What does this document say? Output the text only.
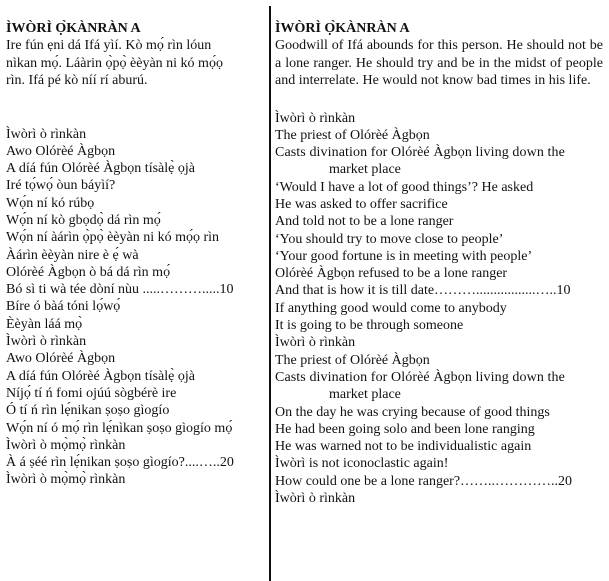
ÌWÒRÌ Ọ̀KÀNRÀN A

Ire fún ẹni dá Ifá yìí. Kò mọ́ rìn lóun
nìkan mọ́. Láàrin ọ̀pọ̀ èèyàn ni kó mọ́ọ
rìn. Ifá pé kò níí rí aburú.

Ìwòrì ò rìnkàn
Awo Olórèé Àgbọn
A díá fún Olórèé Àgbọn tísàlẹ̀ ọjà
Iré tọ́wọ́ òun báyìí?
Wọ́n ní kó rúbọ
Wọ́n ní kò gbọdọ̀ dá rìn mọ́
Wọ́n ní àárìn ọ̀pọ̀ èèyàn ni kó mọ́ọ rìn
Àárìn èèyàn nire è ẹ́ wà
Olórèé Àgbọn ò bá dá rìn mọ́
Bó sì ti wà tée dòní nùu .....……….....10
Bíre ó bàá tóni lọ́wọ́
Èèyàn láá mọ̀
Ìwòrì ò rìnkàn
Awo Olórèé Àgbọn
A díá fún Olórèé Àgbọn tísàlẹ̀ ọjà
Níjọ́ tí ń fomi ojúú sògbérè ire
Ó tí ń rìn lẹ́nikan ṣoṣo gìogío
Wọ́n ní ó mọ́ rìn lẹ́nìkan ṣoṣo gìogío mọ́
Ìwòrì ò mọ̀mọ̀ rìnkàn
À á ṣéé rìn lẹ́nikan ṣoṣo gìogío?....…..20
Ìwòrì ò mọ̀mọ̀ rìnkàn

ÌWÒRÌ Ọ̀KÀNRÀN A

Goodwill of Ifá abounds for this person. He should not be a lone ranger. He should try and be in the midst of people and interrelate. He would not know bad times in his life.

Ìwòrì ò rìnkàn
The priest of Olórèé Àgbọn
Casts divination for Olórèé Àgbọn living down the
market place
‘Would I have a lot of good things’? He asked
He was asked to offer sacrifice
And told not to be a lone ranger
‘You should try to move close to people’
‘Your good fortune is in meeting with people’
Olórèé Àgbọn refused to be a lone ranger
And that is how it is till date……….................…..10
If anything good would come to anybody
It is going to be through someone
Ìwòrì ò rìnkàn
The priest of Olórèé Àgbọn
Casts divination for Olórèé Àgbọn living down the
market place
On the day he was crying because of good things
He had been going solo and been lone ranging
He was warned not to be individualistic again
Ìwòrì is not iconoclastic again!
How could one be a lone ranger?……..…………..20
Ìwòrì ò rìnkàn
